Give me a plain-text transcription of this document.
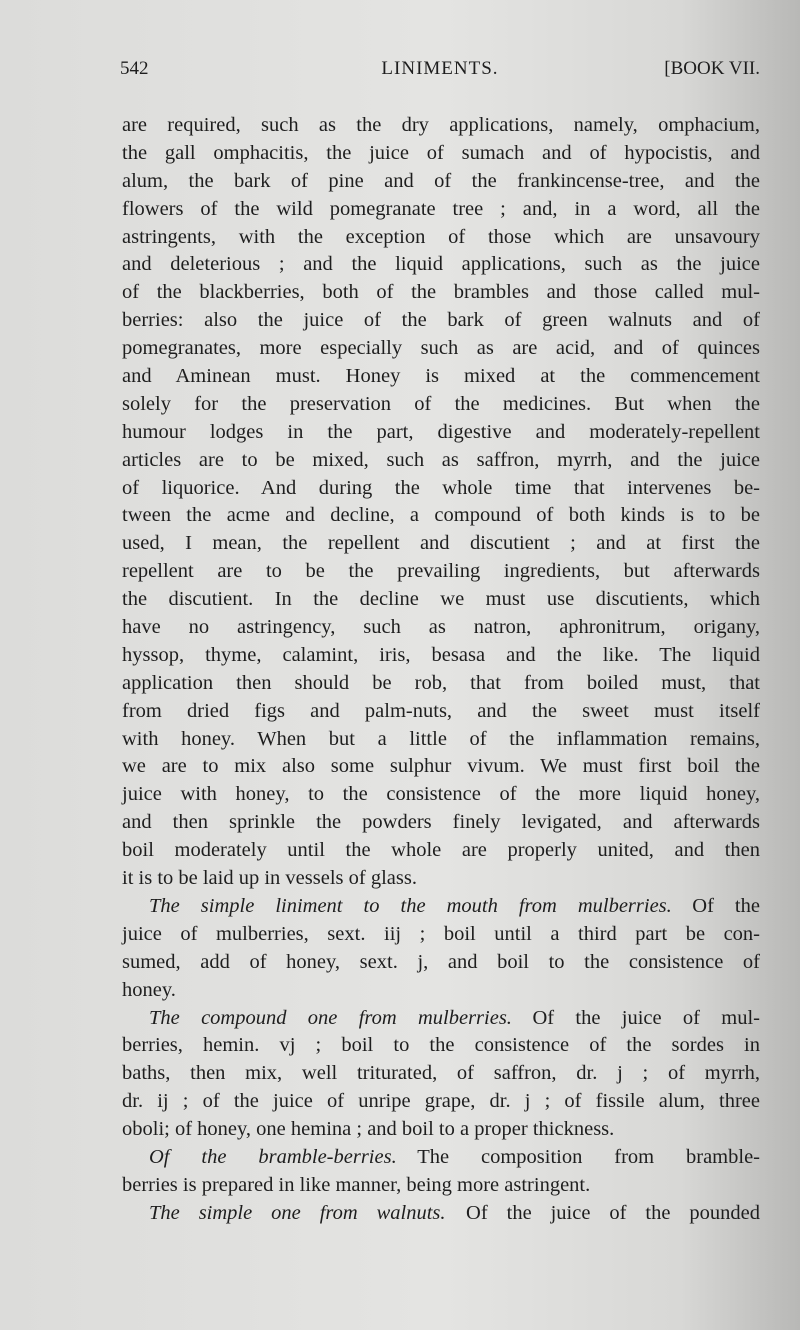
542	LINIMENTS.	[BOOK VII.
are required, such as the dry applications, namely, omphacium,
the gall omphacitis, the juice of sumach and of hypocistis, and
alum, the bark of pine and of the frankincense-tree, and the
flowers of the wild pomegranate tree ; and, in a word, all the
astringents, with the exception of those which are unsavoury
and deleterious ; and the liquid applications, such as the juice
of the blackberries, both of the brambles and those called mul-
berries: also the juice of the bark of green walnuts and of
pomegranates, more especially such as are acid, and of quinces
and Aminean must. Honey is mixed at the commencement
solely for the preservation of the medicines. But when the
humour lodges in the part, digestive and moderately-repellent
articles are to be mixed, such as saffron, myrrh, and the juice
of liquorice. And during the whole time that intervenes be-
tween the acme and decline, a compound of both kinds is to be
used, I mean, the repellent and discutient ; and at first the
repellent are to be the prevailing ingredients, but afterwards
the discutient. In the decline we must use discutients, which
have no astringency, such as natron, aphronitrum, origany,
hyssop, thyme, calamint, iris, besasa and the like. The liquid
application then should be rob, that from boiled must, that
from dried figs and palm-nuts, and the sweet must itself
with honey. When but a little of the inflammation remains,
we are to mix also some sulphur vivum. We must first boil the
juice with honey, to the consistence of the more liquid honey,
and then sprinkle the powders finely levigated, and afterwards
boil moderately until the whole are properly united, and then
it is to be laid up in vessels of glass.
The simple liniment to the mouth from mulberries.  Of the
juice of mulberries, sext. iij ; boil until a third part be con-
sumed, add of honey, sext. j, and boil to the consistence of
honey.
The compound one from mulberries.  Of the juice of mul-
berries, hemin. vj ; boil to the consistence of the sordes in
baths, then mix, well triturated, of saffron, dr. j ; of myrrh,
dr. ij ; of the juice of unripe grape, dr. j ; of fissile alum, three
oboli; of honey, one hemina ; and boil to a proper thickness.
Of the bramble-berries.  The composition from bramble-
berries is prepared in like manner, being more astringent.
The simple one from walnuts.  Of the juice of the pounded
